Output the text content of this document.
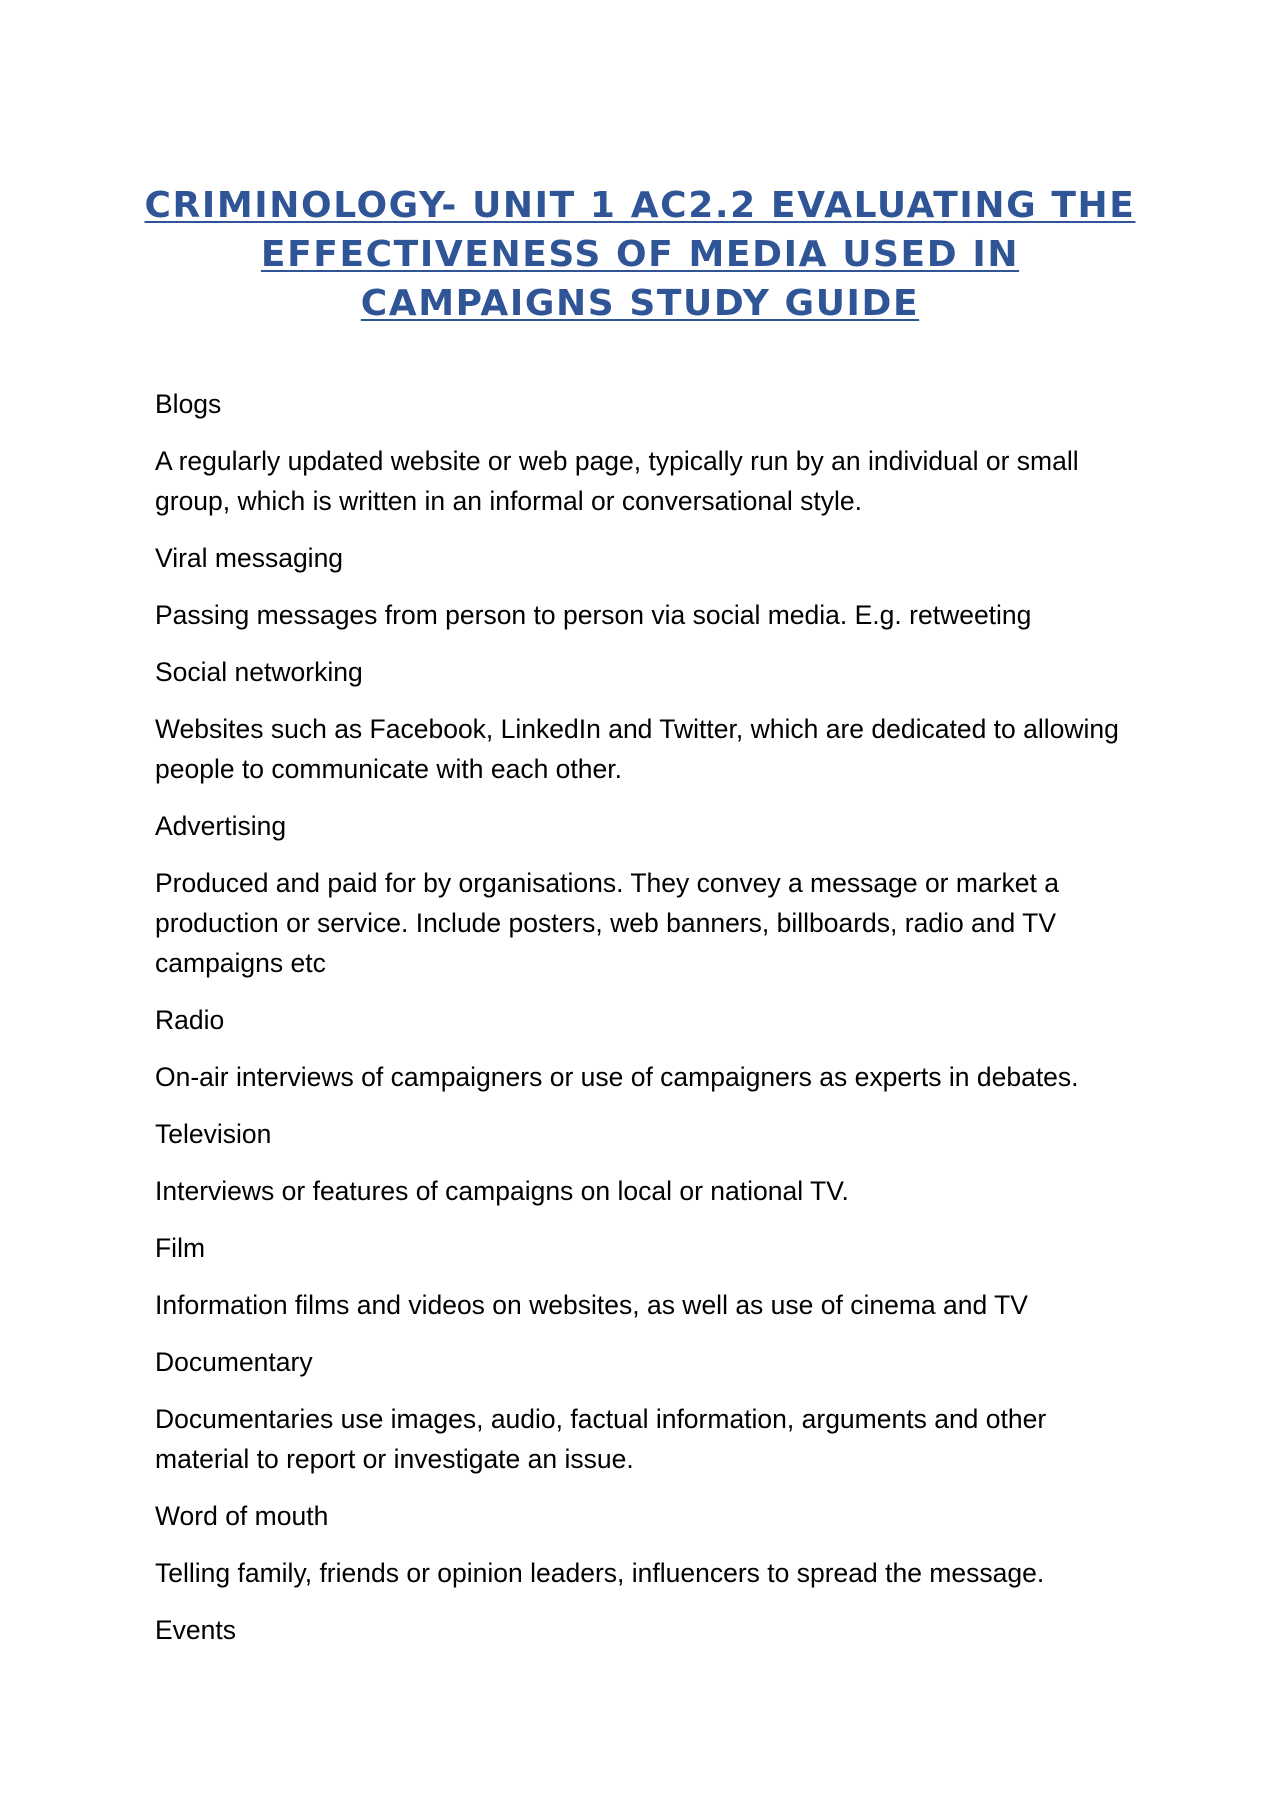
CRIMINOLOGY- UNIT 1 AC2.2 EVALUATING THE EFFECTIVENESS OF MEDIA USED IN CAMPAIGNS STUDY GUIDE

Blogs

A regularly updated website or web page, typically run by an individual or small group, which is written in an informal or conversational style.

Viral messaging

Passing messages from person to person via social media. E.g. retweeting

Social networking

Websites such as Facebook, LinkedIn and Twitter, which are dedicated to allowing people to communicate with each other.

Advertising

Produced and paid for by organisations. They convey a message or market a production or service. Include posters, web banners, billboards, radio and TV campaigns etc

Radio

On-air interviews of campaigners or use of campaigners as experts in debates.

Television

Interviews or features of campaigns on local or national TV.

Film

Information films and videos on websites, as well as use of cinema and TV

Documentary

Documentaries use images, audio, factual information, arguments and other material to report or investigate an issue.

Word of mouth

Telling family, friends or opinion leaders, influencers to spread the message.

Events
